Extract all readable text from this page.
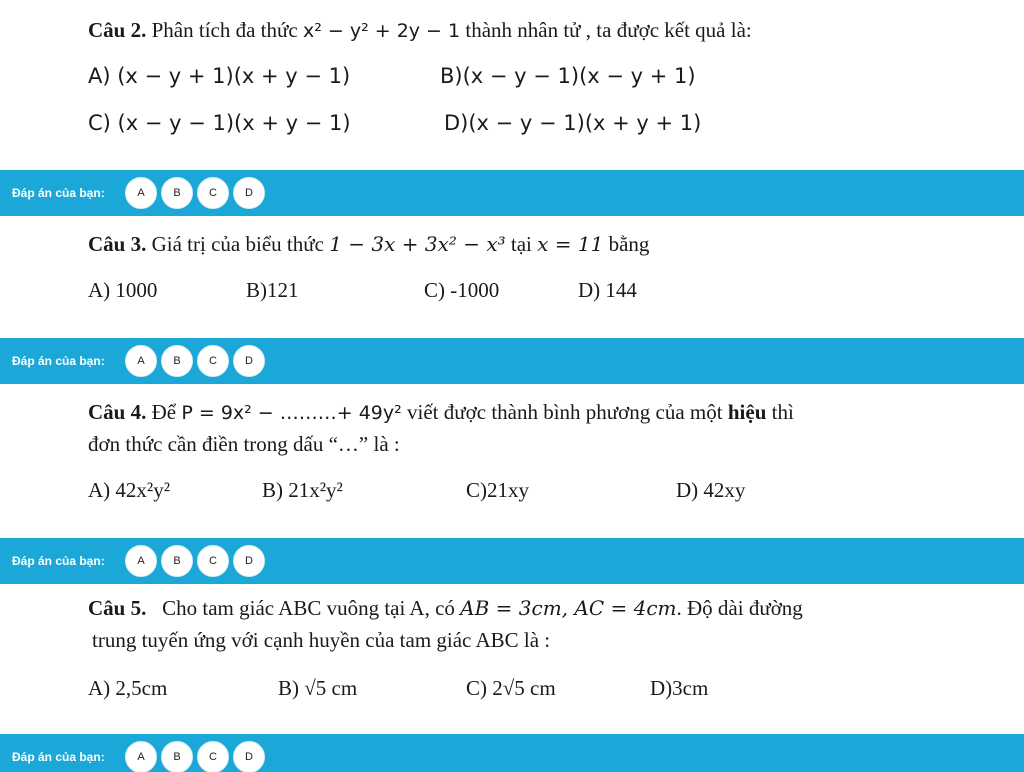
Câu 2. Phân tích đa thức x² − y² + 2y − 1 thành nhân tử , ta được kết quả là:
A) (x − y + 1)(x + y − 1)	B)(x − y − 1)(x − y + 1)
C) (x − y − 1)(x + y − 1)	D)(x − y − 1)(x + y + 1)
Đáp án của bạn:	A	B	C	D
Câu 3. Giá trị của biểu thức 1 − 3x + 3x² − x³ tại x = 11 bằng
A) 1000	B)121	C) -1000	D) 144
Đáp án của bạn:	A	B	C	D
Câu 4. Để P = 9x² − ………+ 49y² viết được thành bình phương của một hiệu thì
đơn thức cần điền trong dấu “…” là :
A) 42x²y²	B) 21x²y²	C)21xy	D) 42xy
Đáp án của bạn:	A	B	C	D
Câu 5. Cho tam giác ABC vuông tại A, có AB = 3cm, AC = 4cm. Độ dài đường
trung tuyến ứng với cạnh huyền của tam giác ABC là :
A) 2,5cm	B) √5 cm	C) 2√5 cm	D)3cm
Đáp án của bạn:	A	B	C	D
